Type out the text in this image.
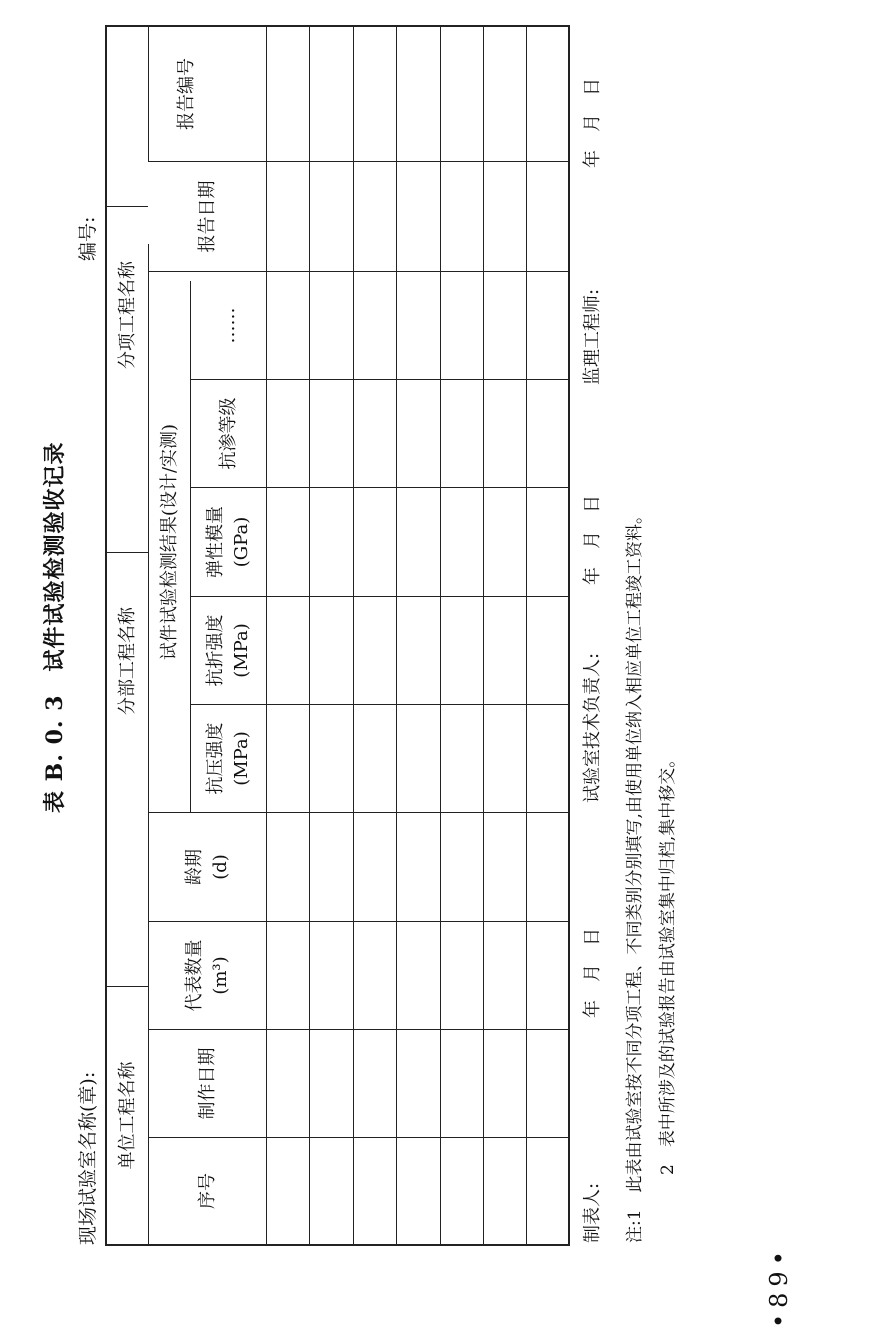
表 B. 0. 3　试件试验检测验收记录
现场试验室名称(章):
编号:
单位工程名称
分部工程名称
分项工程名称
序号
制作日期
代表数量 (m³)
龄期 (d)
试件试验检测结果(设计/实测)
抗压强度 (MPa)
抗折强度 (MPa)
弹性模量 (GPa)
抗渗等级
……
报告日期
报告编号
制表人:
年　月　日
试验室技术负责人:
年　月　日
监理工程师:
年　月　日
注:1　此表由试验室按不同分项工程、不同类别分别填写,由使用单位纳入相应单位工程竣工资料。 2　表中所涉及的试验报告由试验室集中归档,集中移交。
•89•
